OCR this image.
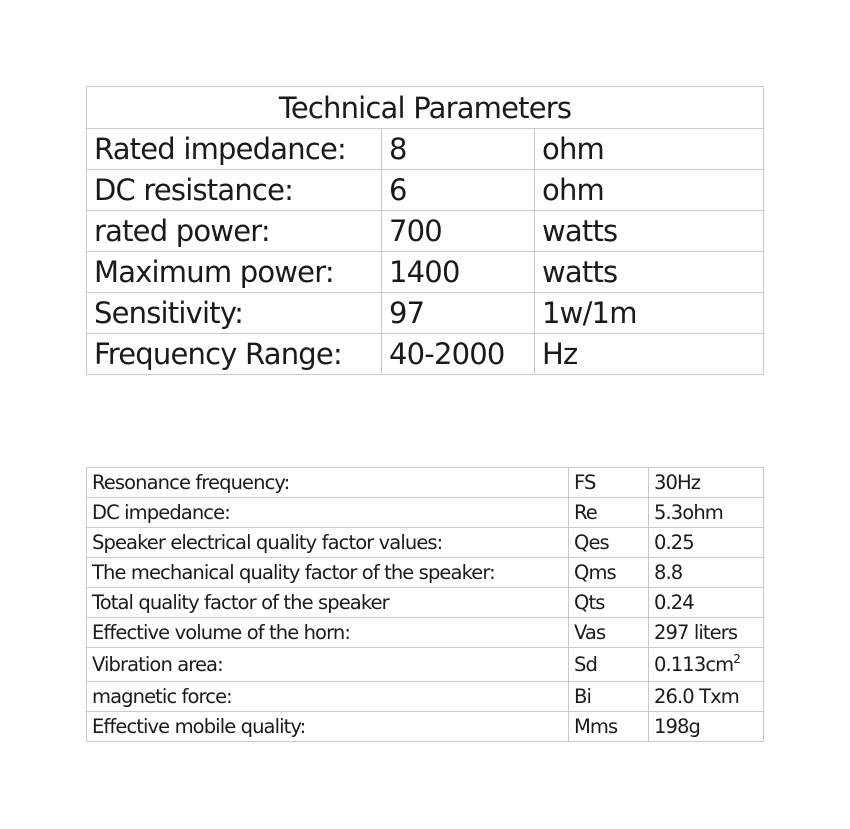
Technical Parameters		
Rated impedance:	8	ohm
DC resistance:	6	ohm
rated power:	700	watts
Maximum power:	1400	watts
Sensitivity:	97	1w/1m
Frequency Range:	40-2000	Hz
Resonance frequency:	FS	30Hz
DC impedance:	Re	5.3ohm
Speaker electrical quality factor values:	Qes	0.25
The mechanical quality factor of the speaker:	Qms	8.8
Total quality factor of the speaker	Qts	0.24
Effective volume of the horn:	Vas	297 liters
Vibration area:	Sd	$0.113cm^2$
magnetic force:	Bi	26.0 Txm
Effective mobile quality:	Mms	198g
